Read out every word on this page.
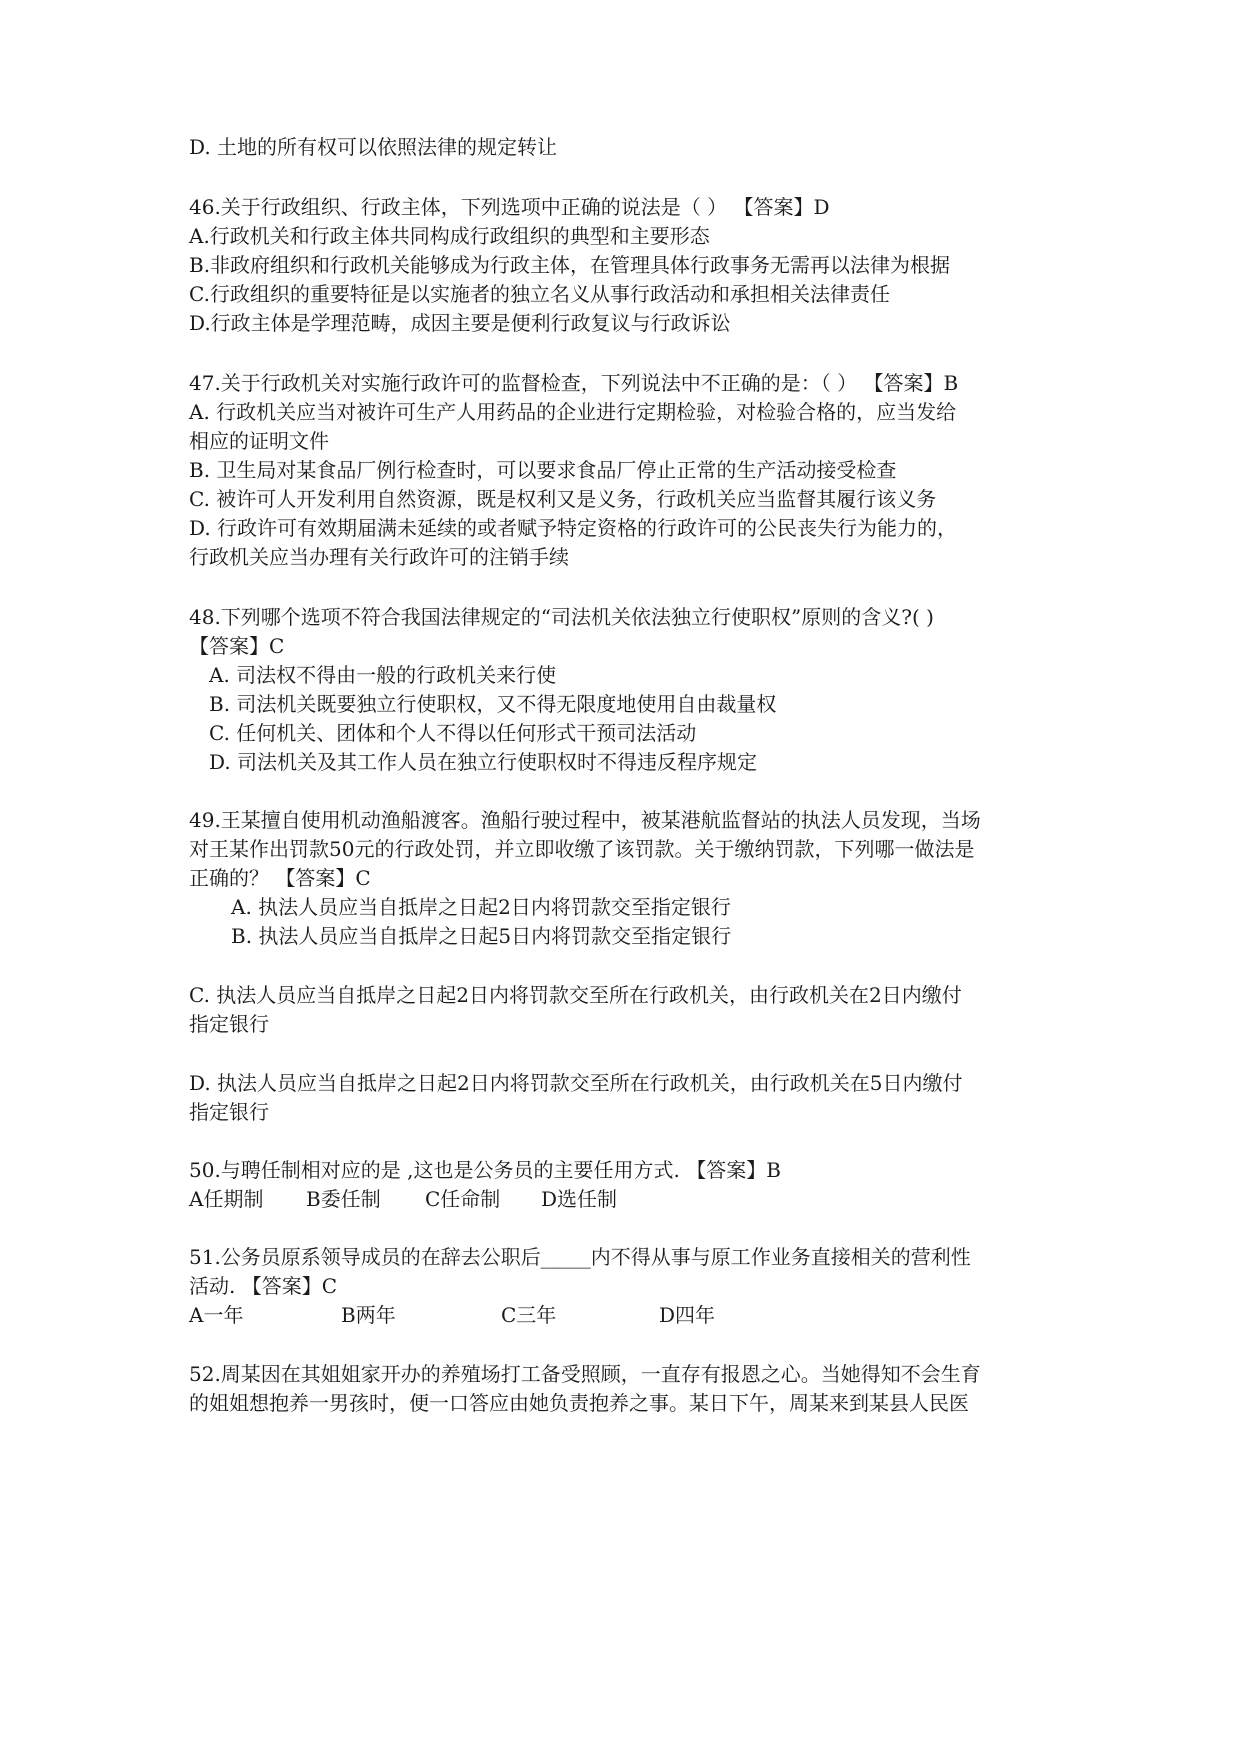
D. 土地的所有权可以依照法律的规定转让
46.关于行政组织、行政主体，下列选项中正确的说法是（ ） 【答案】D
A.行政机关和行政主体共同构成行政组织的典型和主要形态
B.非政府组织和行政机关能够成为行政主体，在管理具体行政事务无需再以法律为根据
C.行政组织的重要特征是以实施者的独立名义从事行政活动和承担相关法律责任
D.行政主体是学理范畴，成因主要是便利行政复议与行政诉讼
47.关于行政机关对实施行政许可的监督检查，下列说法中不正确的是：（ ） 【答案】B
A. 行政机关应当对被许可生产人用药品的企业进行定期检验，对检验合格的，应当发给
相应的证明文件
B. 卫生局对某食品厂例行检查时，可以要求食品厂停止正常的生产活动接受检查
C. 被许可人开发利用自然资源，既是权利又是义务，行政机关应当监督其履行该义务
D. 行政许可有效期届满未延续的或者赋予特定资格的行政许可的公民丧失行为能力的，
行政机关应当办理有关行政许可的注销手续
48.下列哪个选项不符合我国法律规定的“司法机关依法独立行使职权”原则的含义?( )
【答案】C
A. 司法权不得由一般的行政机关来行使
B. 司法机关既要独立行使职权，又不得无限度地使用自由裁量权
C. 任何机关、团体和个人不得以任何形式干预司法活动
D. 司法机关及其工作人员在独立行使职权时不得违反程序规定
49.王某擅自使用机动渔船渡客。渔船行驶过程中，被某港航监督站的执法人员发现，当场
对王某作出罚款50元的行政处罚，并立即收缴了该罚款。关于缴纳罚款，下列哪一做法是
正确的？ 【答案】C
A. 执法人员应当自抵岸之日起2日内将罚款交至指定银行
B. 执法人员应当自抵岸之日起5日内将罚款交至指定银行
C. 执法人员应当自抵岸之日起2日内将罚款交至所在行政机关，由行政机关在2日内缴付
指定银行
D. 执法人员应当自抵岸之日起2日内将罚款交至所在行政机关，由行政机关在5日内缴付
指定银行
50.与聘任制相对应的是 ,这也是公务员的主要任用方式. 【答案】B
A任期制 B委任制 C任命制 D选任制
51.公务员原系领导成员的在辞去公职后_____内不得从事与原工作业务直接相关的营利性
活动. 【答案】C
A一年	B两年	C三年	D四年
52.周某因在其姐姐家开办的养殖场打工备受照顾，一直存有报恩之心。当她得知不会生育
的姐姐想抱养一男孩时，便一口答应由她负责抱养之事。某日下午，周某来到某县人民医
